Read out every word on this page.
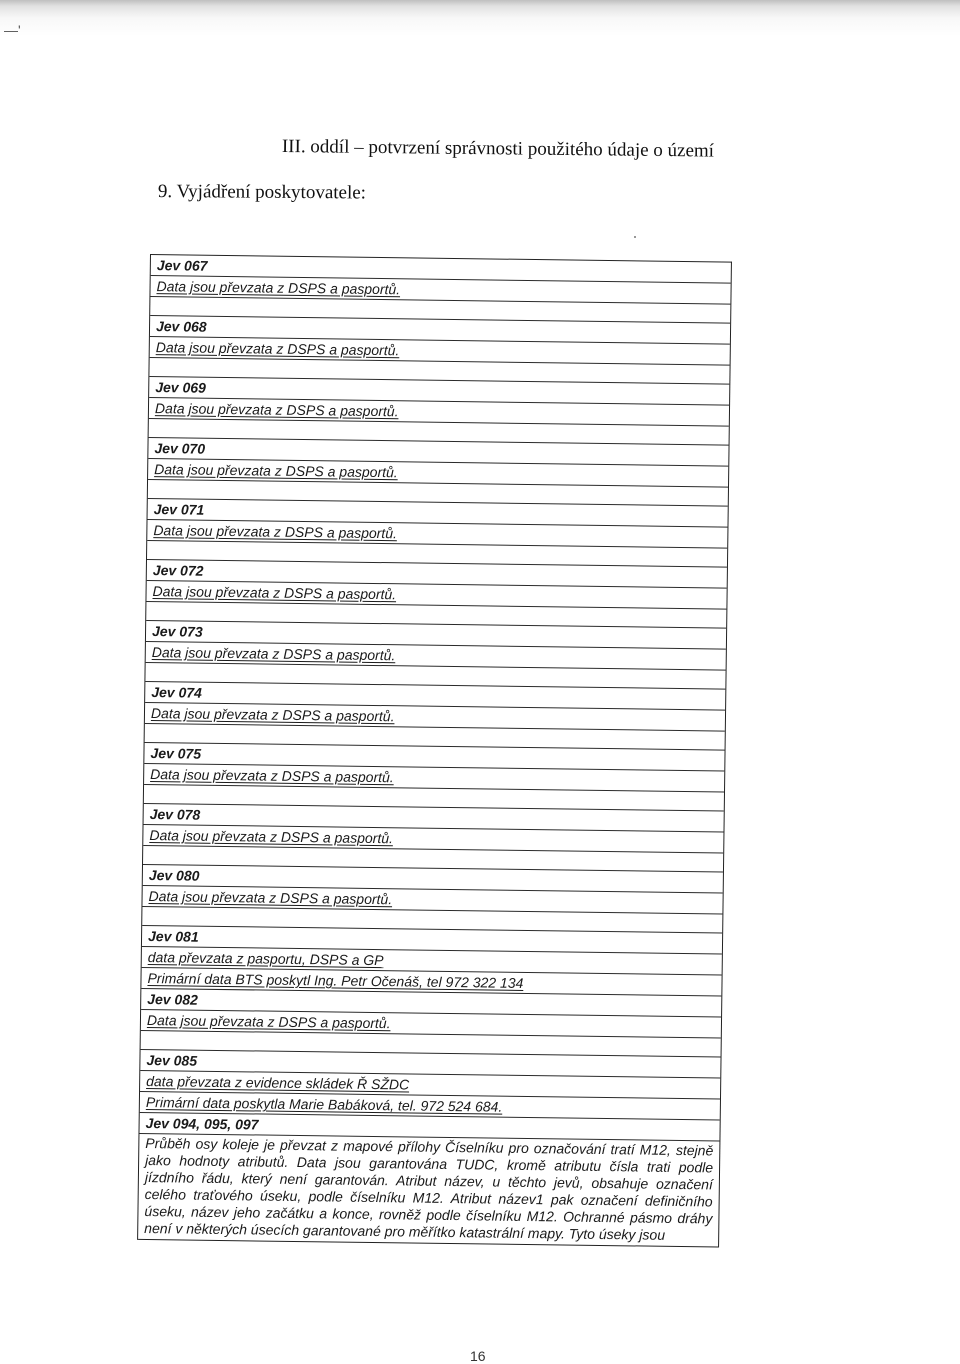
—'
III. oddíl – potvrzení správnosti použitého údaje o území
9. Vyjádření poskytovatele:
Jev 067
Data jsou převzata z DSPS a pasportů.
Jev 068
Data jsou převzata z DSPS a pasportů.
Jev 069
Data jsou převzata z DSPS a pasportů.
Jev 070
Data jsou převzata z DSPS a pasportů.
Jev 071
Data jsou převzata z DSPS a pasportů.
Jev 072
Data jsou převzata z DSPS a pasportů.
Jev 073
Data jsou převzata z DSPS a pasportů.
Jev 074
Data jsou převzata z DSPS a pasportů.
Jev 075
Data jsou převzata z DSPS a pasportů.
Jev 078
Data jsou převzata z DSPS a pasportů.
Jev 080
Data jsou převzata z DSPS a pasportů.
Jev 081
data převzata z pasportu, DSPS a GP
Primární data BTS poskytl Ing. Petr Očenáš, tel 972 322 134
Jev 082
Data jsou převzata z DSPS a pasportů.
Jev 085
data převzata z evidence skládek Ř SŽDC
Primární data poskytla Marie Babáková, tel. 972 524 684.
Jev 094, 095, 097
Průběh osy koleje je převzat z mapové přílohy Číselníku pro označování tratí M12, stejně jako hodnoty atributů. Data jsou garantována TUDC, kromě atributu čísla trati podle jízdního řádu, který není garantován. Atribut název, u těchto jevů, obsahuje označení celého traťového úseku, podle číselníku M12. Atribut název1 pak označení definičního úseku, název jeho začátku a konce, rovněž podle číselníku M12. Ochranné pásmo dráhy není v některých úsecích garantované pro měřítko katastrální mapy. Tyto úseky jsou
16
